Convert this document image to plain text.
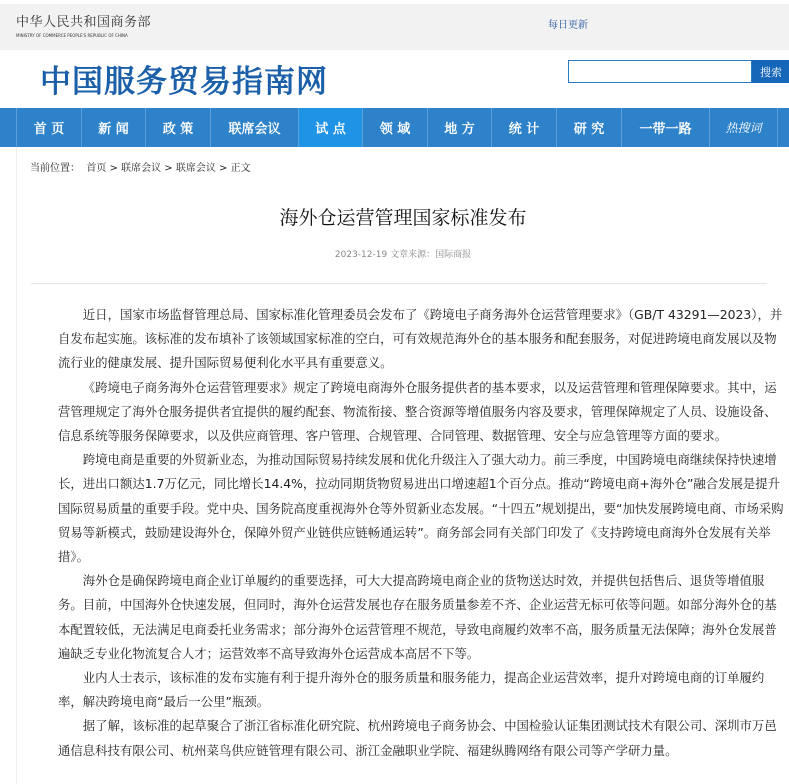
中华人民共和国商务部
MINISTRY OF COMMERCE PEOPLE'S REPUBLIC OF CHINA
每日更新
中国服务贸易指南网	搜索
首 页	新 闻	政 策	联席会议	试 点	领 域	地 方	统 计	研 究	一带一路	热搜词
当前位置： 首页 > 联席会议 > 联席会议 > 正文
海外仓运营管理国家标准发布
2023-12-19 文章来源：国际商报

近日，国家市场监督管理总局、国家标准化管理委员会发布了《跨境电子商务海外仓运营管理要求》（GB/T 43291—2023），并自发布起实施。该标准的发布填补了该领域国家标准的空白，可有效规范海外仓的基本服务和配套服务，对促进跨境电商发展以及物流行业的健康发展、提升国际贸易便利化水平具有重要意义。

《跨境电子商务海外仓运营管理要求》规定了跨境电商海外仓服务提供者的基本要求，以及运营管理和管理保障要求。其中，运营管理规定了海外仓服务提供者宜提供的履约配套、物流衔接、整合资源等增值服务内容及要求，管理保障规定了人员、设施设备、信息系统等服务保障要求，以及供应商管理、客户管理、合规管理、合同管理、数据管理、安全与应急管理等方面的要求。

跨境电商是重要的外贸新业态，为推动国际贸易持续发展和优化升级注入了强大动力。前三季度，中国跨境电商继续保持快速增长，进出口额达1.7万亿元，同比增长14.4%，拉动同期货物贸易进出口增速超1个百分点。推动“跨境电商+海外仓”融合发展是提升国际贸易质量的重要手段。党中央、国务院高度重视海外仓等外贸新业态发展。“十四五”规划提出，要“加快发展跨境电商、市场采购贸易等新模式，鼓励建设海外仓，保障外贸产业链供应链畅通运转”。商务部会同有关部门印发了《支持跨境电商海外仓发展有关举措》。

海外仓是确保跨境电商企业订单履约的重要选择，可大大提高跨境电商企业的货物送达时效，并提供包括售后、退货等增值服务。目前，中国海外仓快速发展，但同时，海外仓运营发展也存在服务质量参差不齐、企业运营无标可依等问题。如部分海外仓的基本配置较低，无法满足电商委托业务需求；部分海外仓运营管理不规范，导致电商履约效率不高，服务质量无法保障；海外仓发展普遍缺乏专业化物流复合人才；运营效率不高导致海外仓运营成本高居不下等。

业内人士表示，该标准的发布实施有利于提升海外仓的服务质量和服务能力，提高企业运营效率，提升对跨境电商的订单履约率，解决跨境电商“最后一公里”瓶颈。

据了解，该标准的起草聚合了浙江省标准化研究院、杭州跨境电子商务协会、中国检验认证集团测试技术有限公司、深圳市万邑通信息科技有限公司、杭州菜鸟供应链管理有限公司、浙江金融职业学院、福建纵腾网络有限公司等产学研力量。
